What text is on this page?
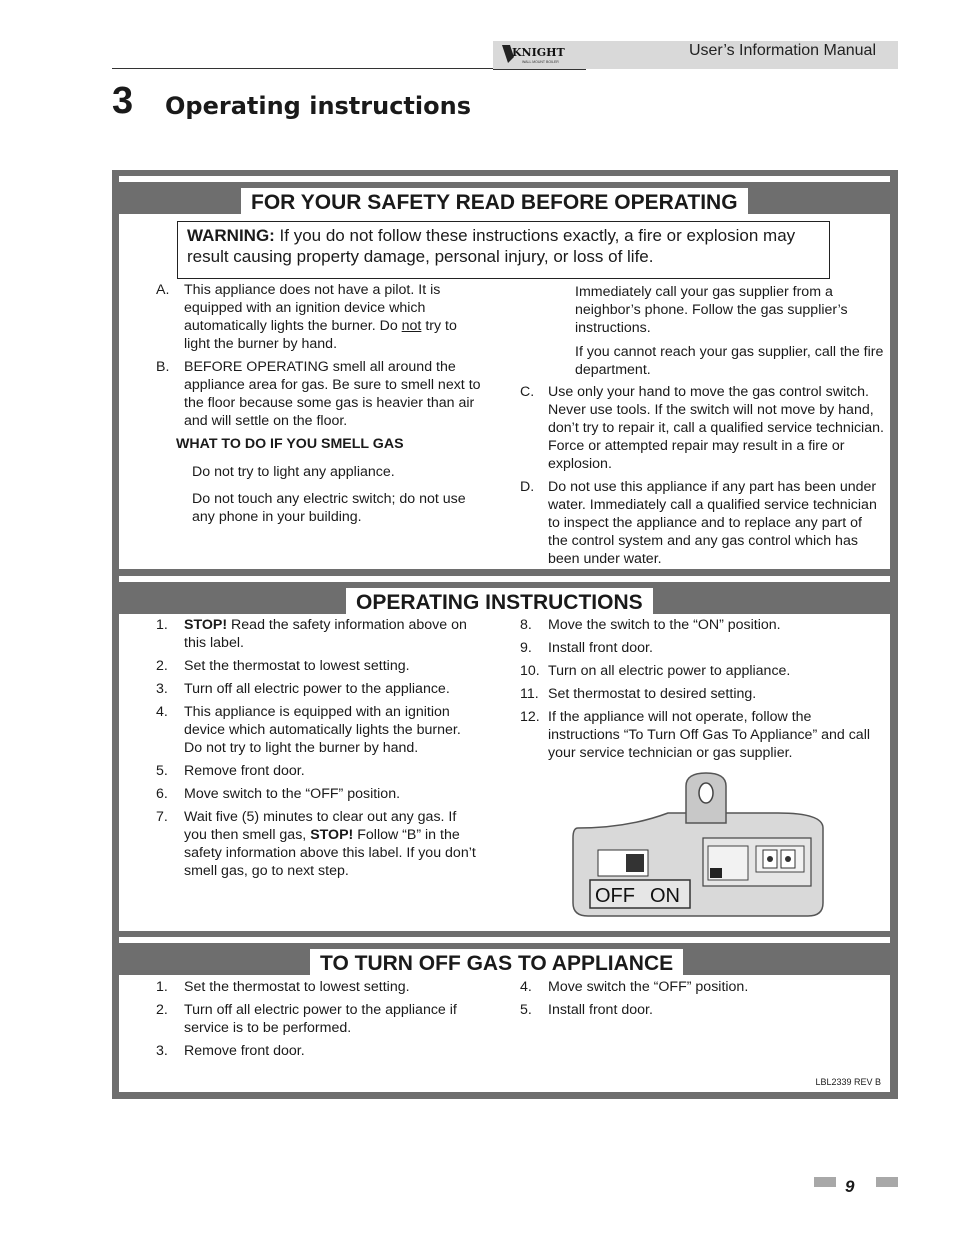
KNIGHT
WALL MOUNT BOILER
User’s Information Manual
3 Operating instructions
FOR YOUR SAFETY READ BEFORE OPERATING
WARNING: If you do not follow these instructions exactly, a fire or explosion may result causing property damage, personal injury, or loss of life.
A. This appliance does not have a pilot. It is equipped with an ignition device which automatically lights the burner. Do not try to light the burner by hand.
B. BEFORE OPERATING smell all around the appliance area for gas. Be sure to smell next to the floor because some gas is heavier than air and will settle on the floor.
WHAT TO DO IF YOU SMELL GAS
Do not try to light any appliance.
Do not touch any electric switch; do not use any phone in your building.
Immediately call your gas supplier from a neighbor’s phone. Follow the gas supplier’s instructions.
If you cannot reach your gas supplier, call the fire department.
C. Use only your hand to move the gas control switch. Never use tools. If the switch will not move by hand, don’t try to repair it, call a qualified service technician. Force or attempted repair may result in a fire or explosion.
D. Do not use this appliance if any part has been under water. Immediately call a qualified service technician to inspect the appliance and to replace any part of the control system and any gas control which has been under water.
OPERATING INSTRUCTIONS
1. STOP! Read the safety information above on this label.
2. Set the thermostat to lowest setting.
3. Turn off all electric power to the appliance.
4. This appliance is equipped with an ignition device which automatically lights the burner. Do not try to light the burner by hand.
5. Remove front door.
6. Move switch to the “OFF” position.
7. Wait five (5) minutes to clear out any gas. If you then smell gas, STOP! Follow “B” in the safety information above this label. If you don’t smell gas, go to next step.
8. Move the switch to the “ON” position.
9. Install front door.
10. Turn on all electric power to appliance.
11. Set thermostat to desired setting.
12. If the appliance will not operate, follow the instructions “To Turn Off Gas To Appliance” and call your service technician or gas supplier.
OFF ON
TO TURN OFF GAS TO APPLIANCE
1. Set the thermostat to lowest setting.
2. Turn off all electric power to the appliance if service is to be performed.
3. Remove front door.
4. Move switch the “OFF” position.
5. Install front door.
LBL2339 REV B
9
